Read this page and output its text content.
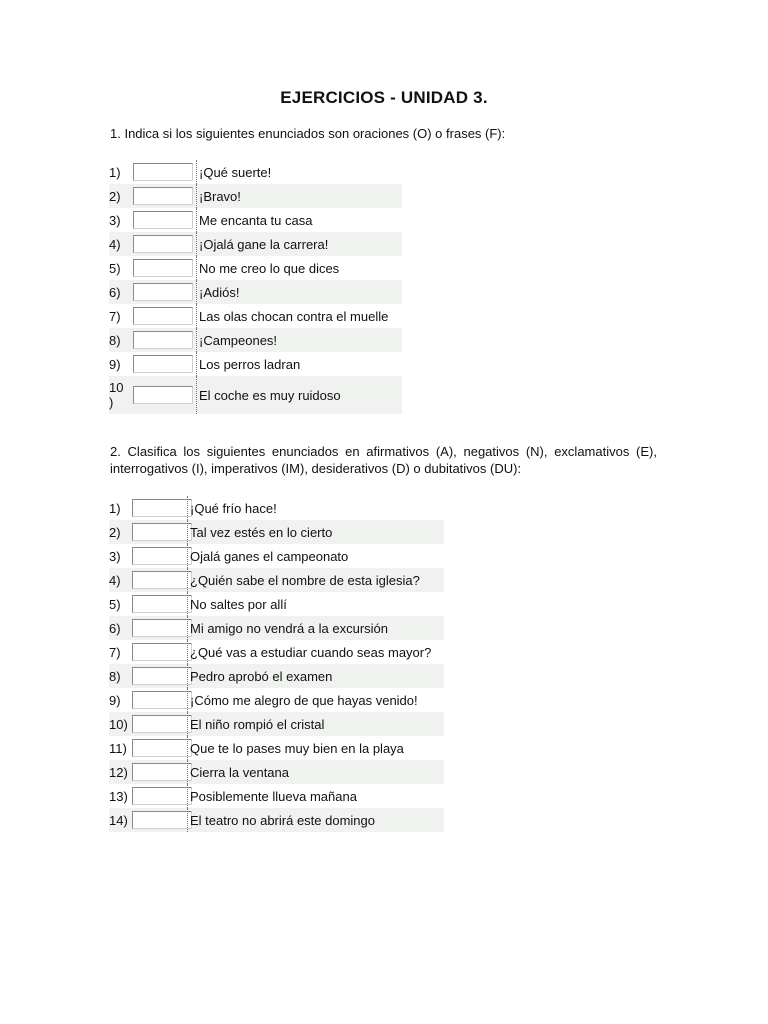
EJERCICIOS - UNIDAD 3.
1. Indica si los siguientes enunciados son oraciones (O) o frases (F):
1)	¡Qué suerte!
2)	¡Bravo!
3)	Me encanta tu casa
4)	¡Ojalá gane la carrera!
5)	No me creo lo que dices
6)	¡Adiós!
7)	Las olas chocan contra el muelle
8)	¡Campeones!
9)	Los perros ladran
10 )	El coche es muy ruidoso
2. Clasifica los siguientes enunciados en afirmativos (A), negativos (N), exclamativos (E), interrogativos (I), imperativos (IM), desiderativos (D) o dubitativos (DU):
1)	¡Qué frío hace!
2)	Tal vez estés en lo cierto
3)	Ojalá ganes el campeonato
4)	¿Quién sabe el nombre de esta iglesia?
5)	No saltes por allí
6)	Mi amigo no vendrá a la excursión
7)	¿Qué vas a estudiar cuando seas mayor?
8)	Pedro aprobó el examen
9)	¡Cómo me alegro de que hayas venido!
10)	El niño rompió el cristal
11)	Que te lo pases muy bien en la playa
12)	Cierra la ventana
13)	Posiblemente llueva mañana
14)	El teatro no abrirá este domingo
